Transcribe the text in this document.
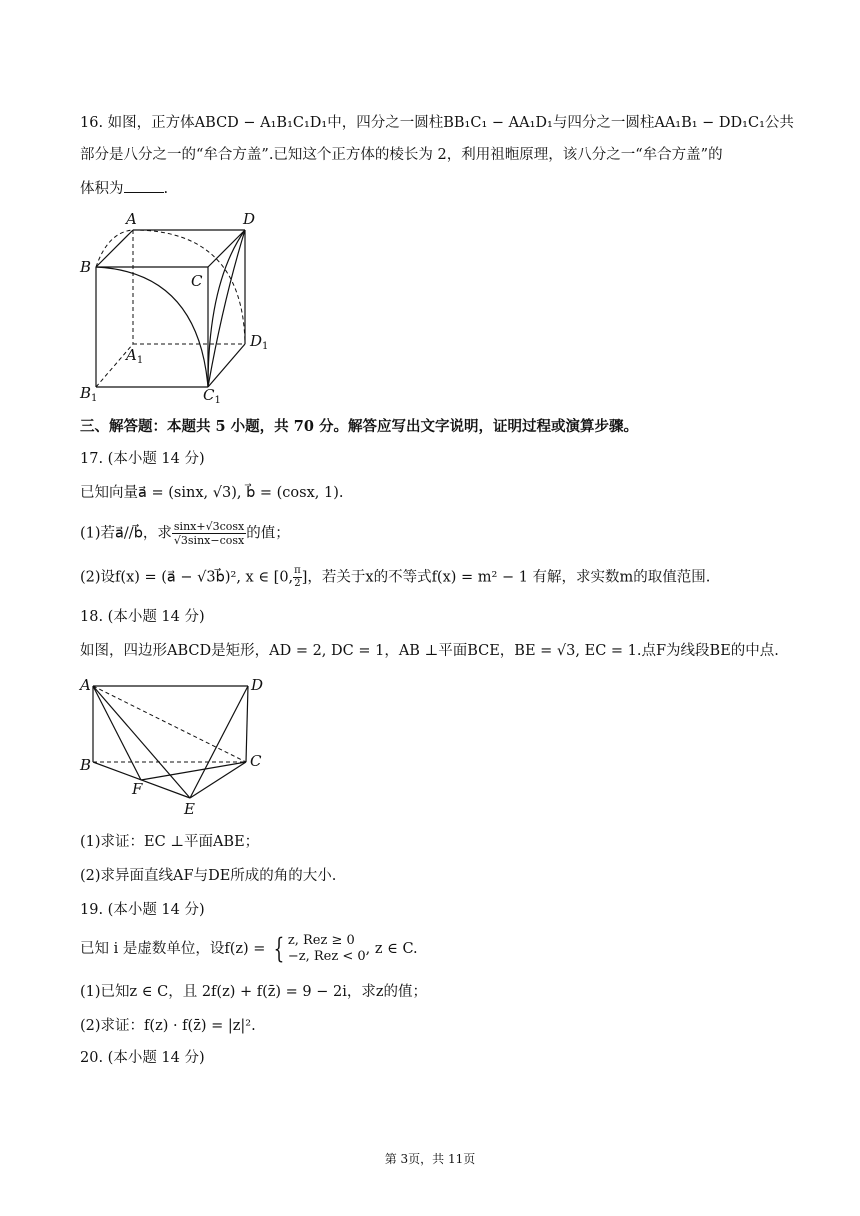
16. 如图，正方体ABCD − A₁B₁C₁D₁中，四分之一圆柱BB₁C₁ − AA₁D₁与四分之一圆柱AA₁B₁ − DD₁C₁公共
部分是八分之一的“牟合方盖”.已知这个正方体的棱长为 2，利用祖暅原理，该八分之一“牟合方盖”的
体积为	.
A	D
B
C
$A_1$
$D_1$
$B_1$	$C_1$
三、解答题：本题共 5 小题，共 70 分。解答应写出文字说明，证明过程或演算步骤。
17. (本小题 14 分)
已知向量a⃗ = (sinx, √3), b⃗ = (cosx, 1).
(1)若a⃗//b⃗，求 $\frac{\sin x+√3\cos x}{√3\sin x-\cos x}$ 的值；
(2)设f(x) = (a⃗ − √3b⃗)², x ∈ [0, $\frac{\pi}{2}$ ]，若关于x的不等式f(x) = m² − 1 有解，求实数m的取值范围.
18. (本小题 14 分)
如图，四边形ABCD是矩形，AD = 2, DC = 1，AB ⊥平面BCE，BE = √3, EC = 1.点F为线段BE的中点.
A	D
B	C
F
E
(1)求证：EC ⊥平面ABE；
(2)求异面直线AF与DE所成的角的大小.
19. (本小题 14 分)
已知 i 是虚数单位，设f(z) = { z, Rez ≥ 0
−z, Rez < 0 , z ∈ C.
(1)已知z ∈ C，且 2f(z) + f(z̄) = 9 − 2i，求z的值；
(2)求证：f(z) · f(z̄) = |z|².
20. (本小题 14 分)
第 3页，共 11页
